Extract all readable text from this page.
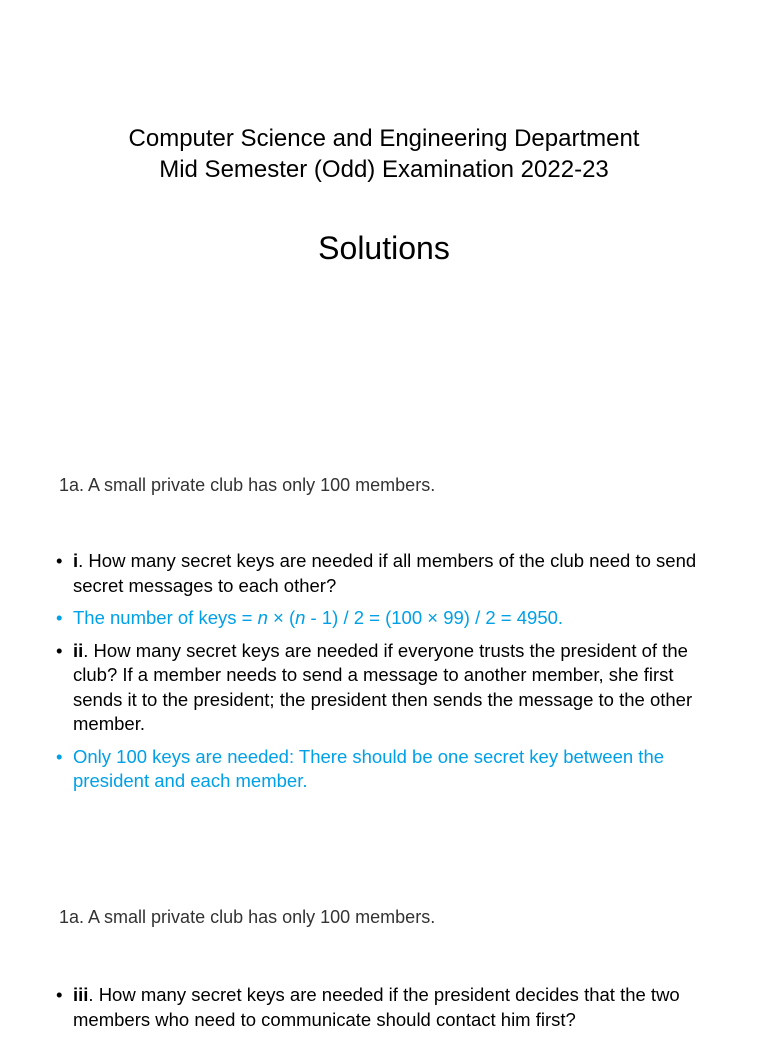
Computer Science and Engineering Department
Mid Semester (Odd) Examination 2022-23
Solutions
1a. A small private club has only 100 members.
• i. How many secret keys are needed if all members of the club need to send secret messages to each other?
• The number of keys = n × (n - 1) / 2 = (100 × 99) / 2 = 4950.
• ii. How many secret keys are needed if everyone trusts the president of the club? If a member needs to send a message to another member, she first sends it to the president; the president then sends the message to the other member.
• Only 100 keys are needed: There should be one secret key between the president and each member.
1a. A small private club has only 100 members.
• iii. How many secret keys are needed if the president decides that the two members who need to communicate should contact him first?
